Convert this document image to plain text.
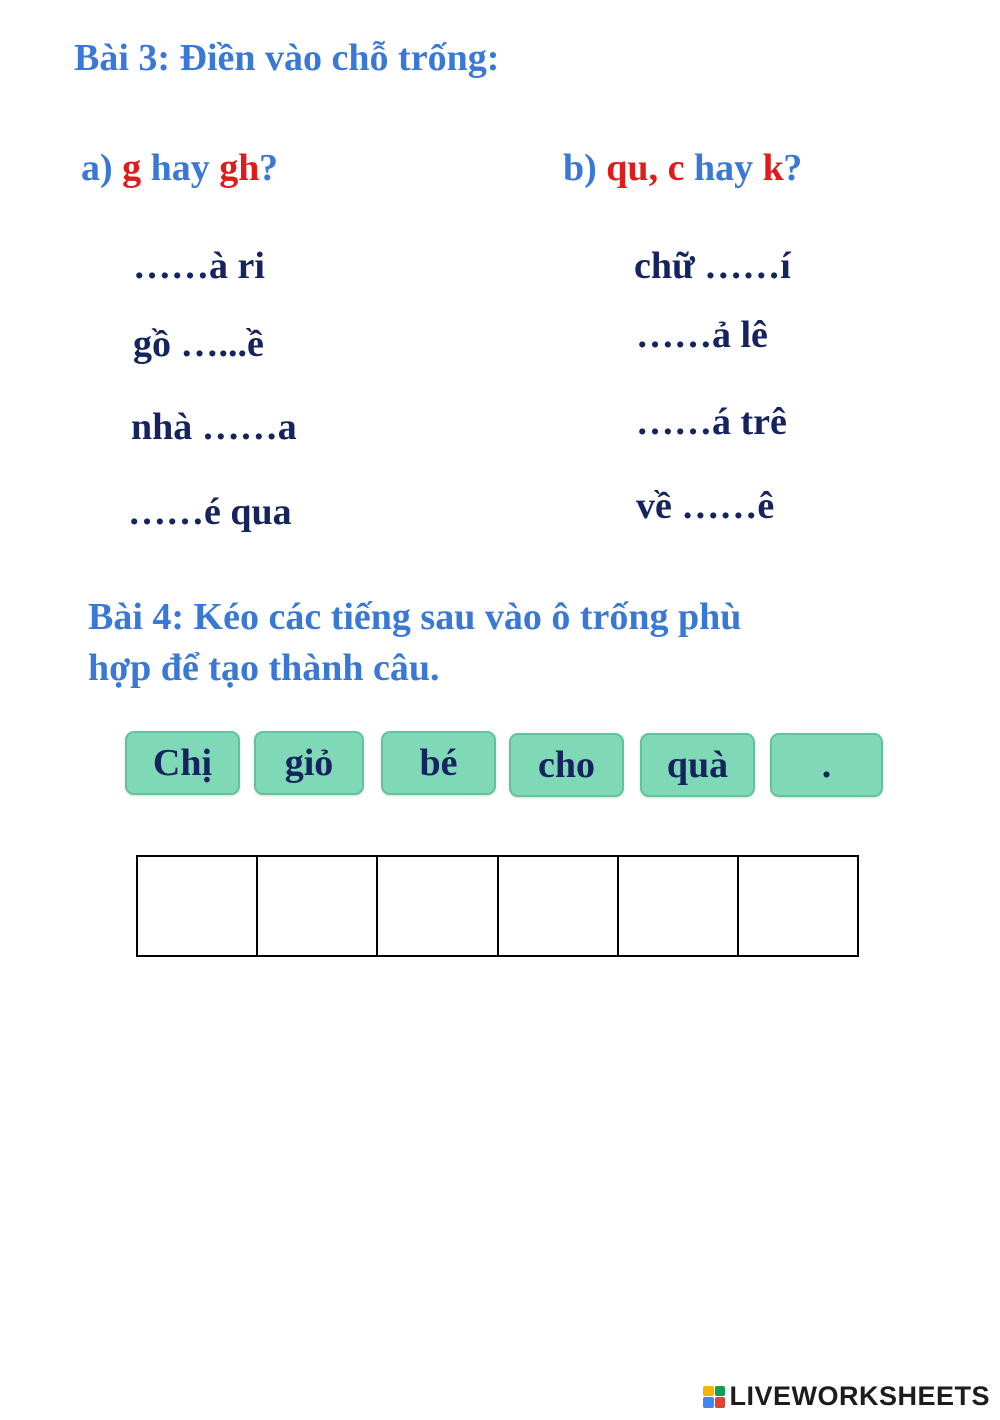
Bài 3: Điền vào chỗ trống:
a) g hay gh ?	b) qu, c hay k ?
……à ri
gồ …...ề
nhà ……a
……é qua
chữ ……í
……ả lê
……á trê
về ……ê
Bài 4: Kéo các tiếng sau vào ô trống phù
hợp để tạo thành câu.
Chị	giỏ	bé	cho	quà	.
LIVEWORKSHEETS
